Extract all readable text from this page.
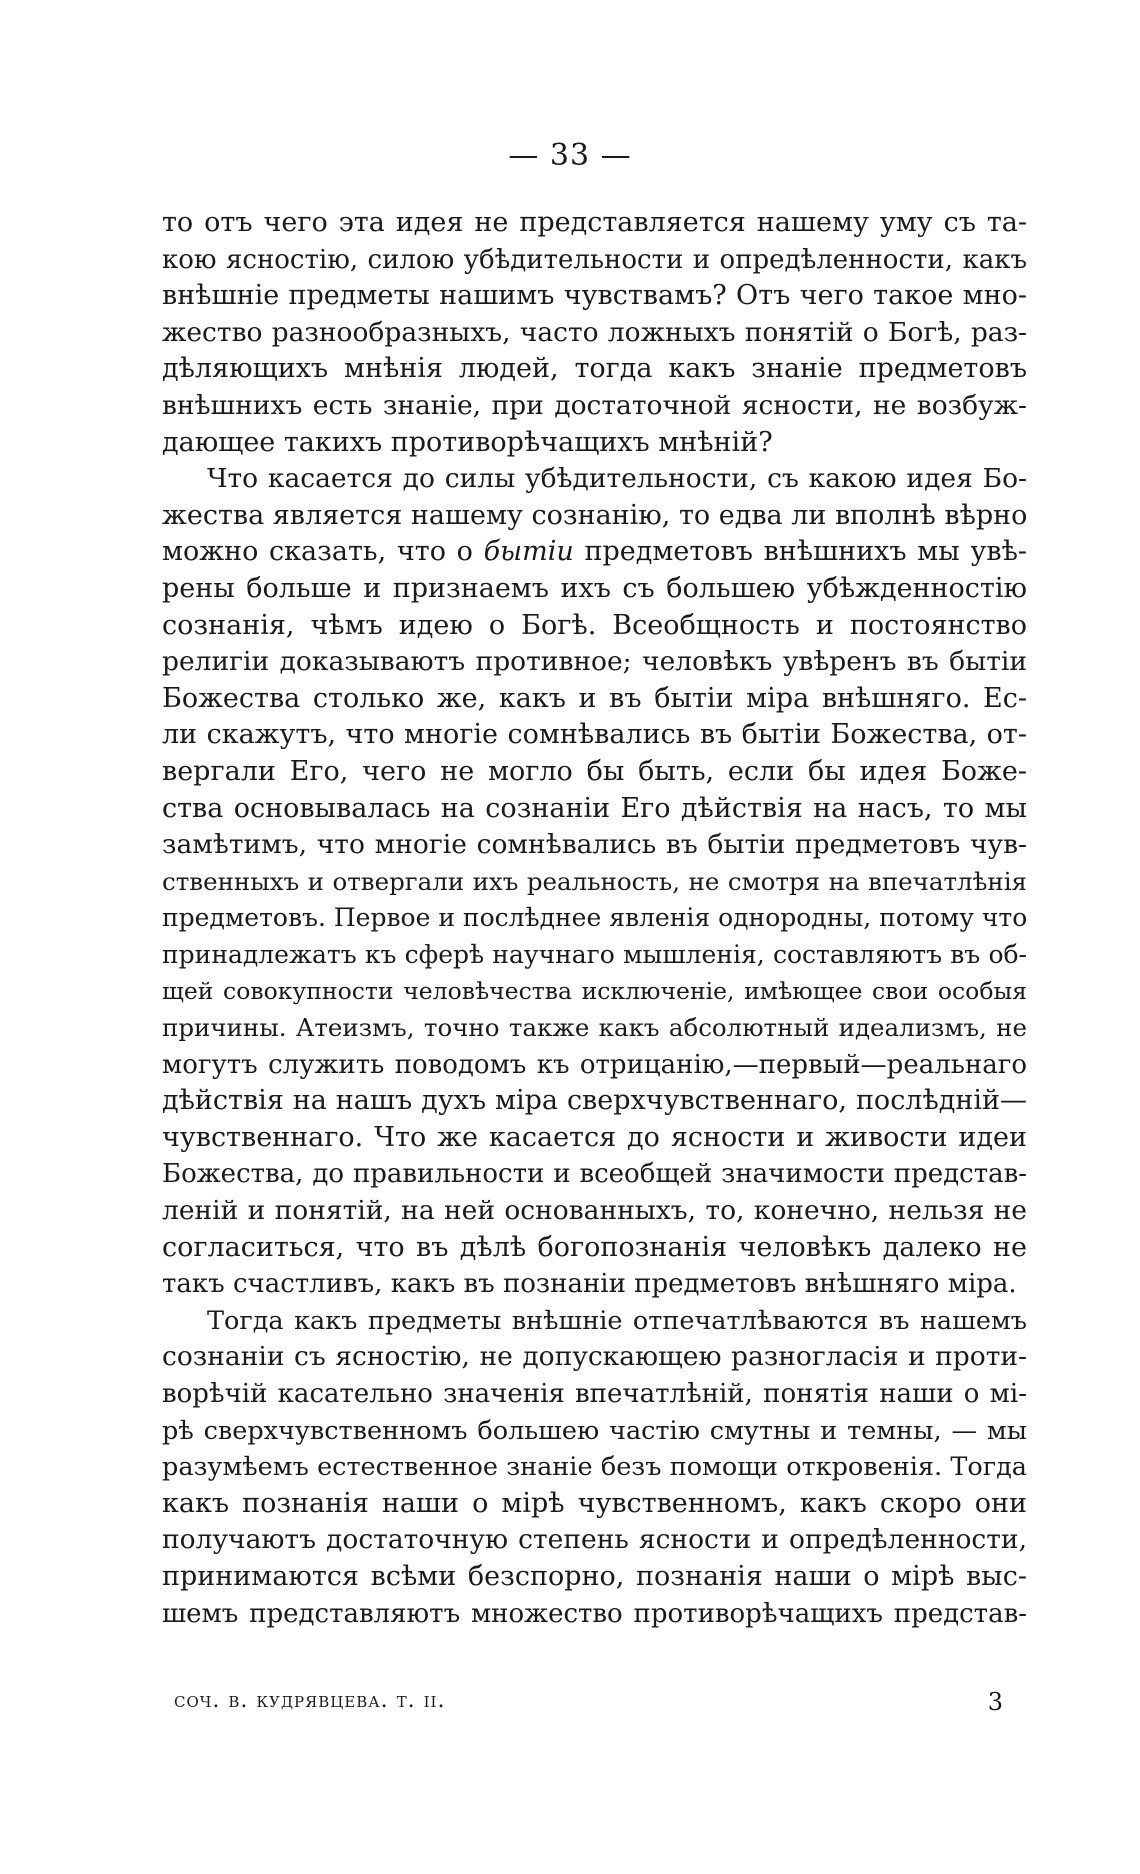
— 33 —
то отъ чего эта идея не представляется нашему уму съ та-
кою ясностію, силою убѣдительности и опредѣленности, какъ
внѣшніе предметы нашимъ чувствамъ? Отъ чего такое мно-
жество разнообразныхъ, часто ложныхъ понятій о Богѣ, раз-
дѣляющихъ мнѣнія людей, тогда какъ знаніе предметовъ
внѣшнихъ есть знаніе, при достаточной ясности, не возбуж-
дающее такихъ противорѣчащихъ мнѣній?
Что касается до силы убѣдительности, съ какою идея Бо-
жества является нашему сознанію, то едва ли вполнѣ вѣрно
можно сказать, что о бытіи предметовъ внѣшнихъ мы увѣ-
рены больше и признаемъ ихъ съ большею убѣжденностію
сознанія, чѣмъ идею о Богѣ. Всеобщность и постоянство
религіи доказываютъ противное; человѣкъ увѣренъ въ бытіи
Божества столько же, какъ и въ бытіи міра внѣшняго. Ес-
ли скажутъ, что многіе сомнѣвались въ бытіи Божества, от-
вергали Его, чего не могло бы быть, если бы идея Боже-
ства основывалась на сознаніи Его дѣйствія на насъ, то мы
замѣтимъ, что многіе сомнѣвались въ бытіи предметовъ чув-
ственныхъ и отвергали ихъ реальность, не смотря на впечатлѣнія
предметовъ. Первое и послѣднее явленія однородны, потому что
принадлежатъ къ сферѣ научнаго мышленія, составляютъ въ об-
щей совокупности человѣчества исключеніе, имѣющее свои особыя
причины. Атеизмъ, точно также какъ абсолютный идеализмъ, не
могутъ служить поводомъ къ отрицанію,—первый—реальнаго
дѣйствія на нашъ духъ міра сверхчувственнаго, послѣдній—
чувственнаго. Что же касается до ясности и живости идеи
Божества, до правильности и всеобщей значимости представ-
леній и понятій, на ней основанныхъ, то, конечно, нельзя не
согласиться, что въ дѣлѣ богопознанія человѣкъ далеко не
такъ счастливъ, какъ въ познаніи предметовъ внѣшняго міра.
Тогда какъ предметы внѣшніе отпечатлѣваются въ нашемъ
сознаніи съ ясностію, не допускающею разногласія и проти-
ворѣчій касательно значенія впечатлѣній, понятія наши о мі-
рѣ сверхчувственномъ большею частію смутны и темны, — мы
разумѣемъ естественное знаніе безъ помощи откровенія. Тогда
какъ познанія наши о мірѣ чувственномъ, какъ скоро они
получаютъ достаточную степень ясности и опредѣленности,
принимаются всѣми безспорно, познанія наши о мірѣ выс-
шемъ представляютъ множество противорѣчащихъ представ-
соч. в. кудрявцева. т. ii.	3
